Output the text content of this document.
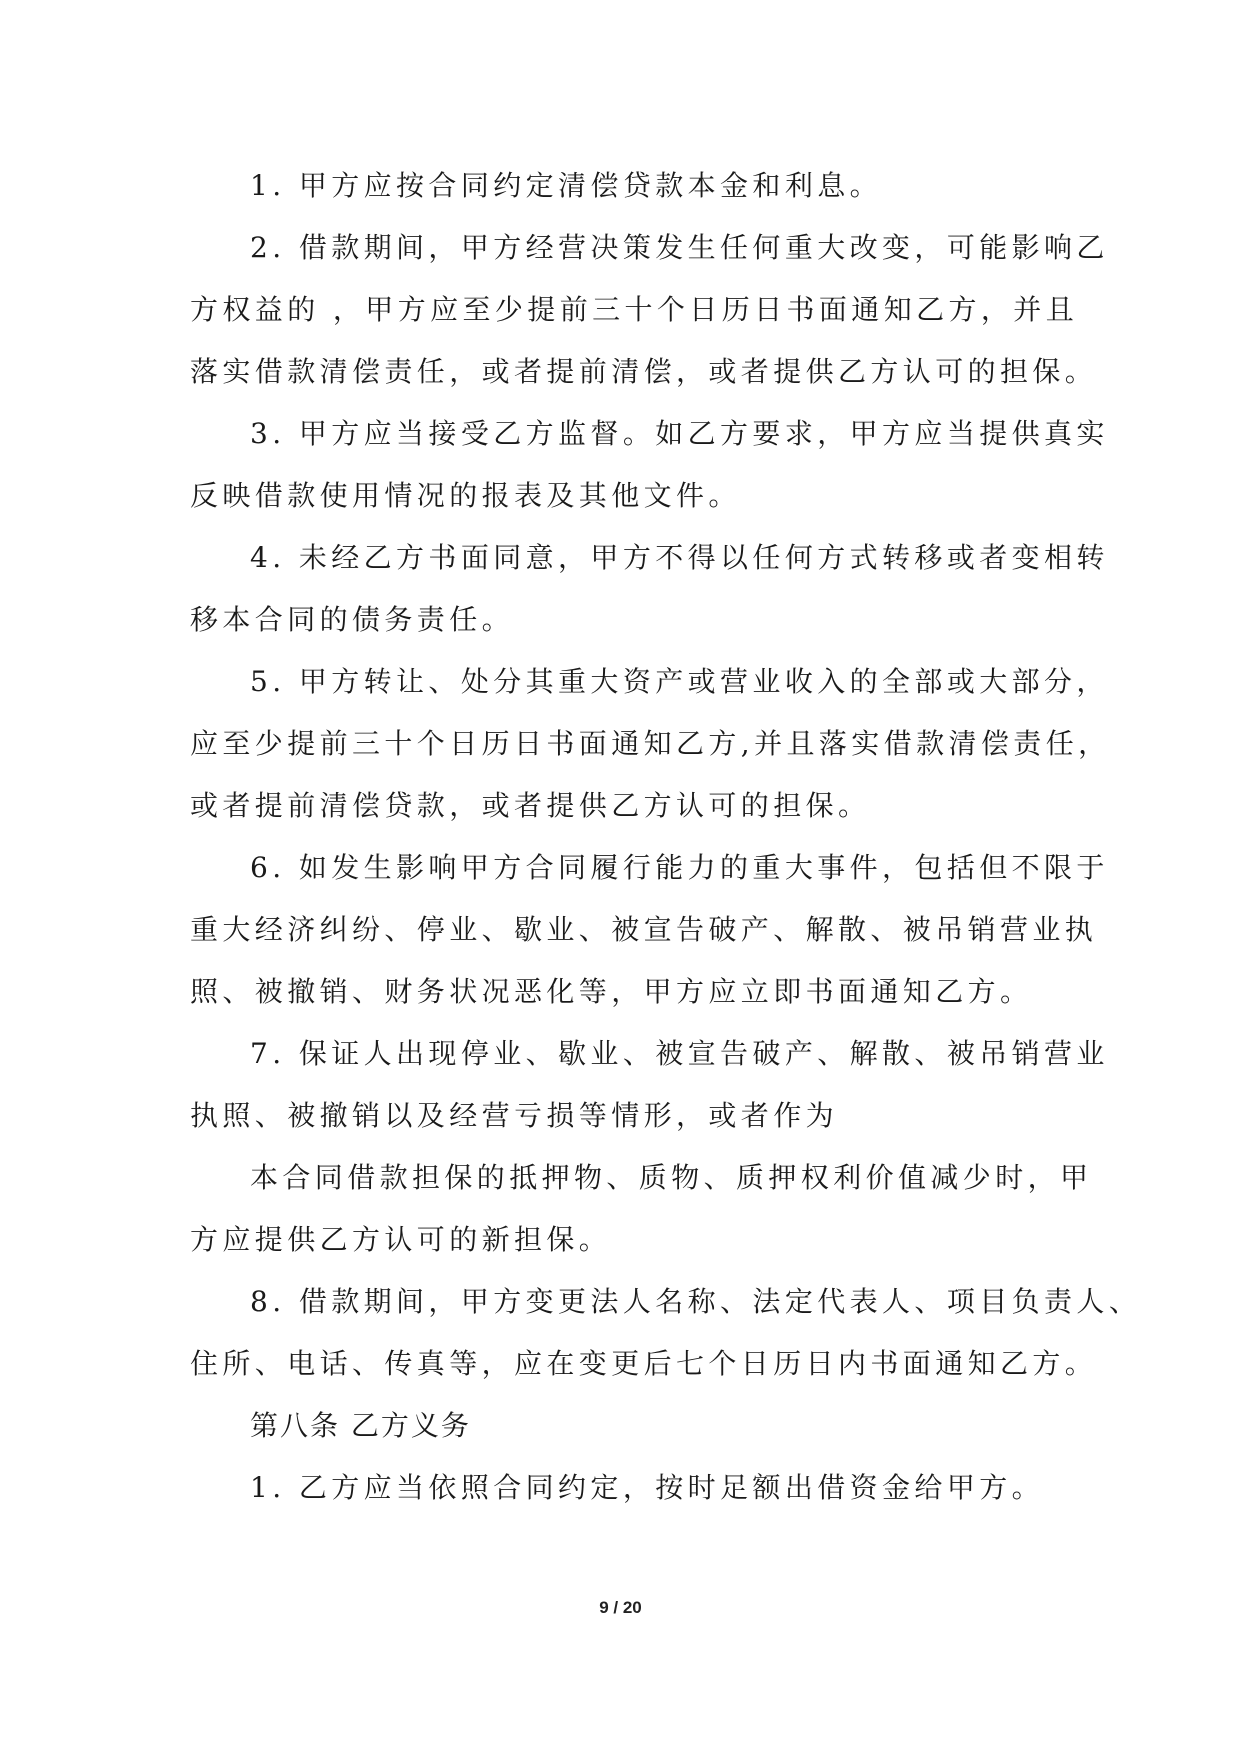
1. 甲方应按合同约定清偿贷款本金和利息。
2. 借款期间，甲方经营决策发生任何重大改变，可能影响乙
方权益的 ，甲方应至少提前三十个日历日书面通知乙方，并且
落实借款清偿责任，或者提前清偿，或者提供乙方认可的担保。
3. 甲方应当接受乙方监督。如乙方要求，甲方应当提供真实
反映借款使用情况的报表及其他文件。
4. 未经乙方书面同意，甲方不得以任何方式转移或者变相转
移本合同的债务责任。
5. 甲方转让、处分其重大资产或营业收入的全部或大部分，
应至少提前三十个日历日书面通知乙方,并且落实借款清偿责任，
或者提前清偿贷款，或者提供乙方认可的担保。
6. 如发生影响甲方合同履行能力的重大事件，包括但不限于
重大经济纠纷、停业、歇业、被宣告破产、解散、被吊销营业执
照、被撤销、财务状况恶化等，甲方应立即书面通知乙方。
7. 保证人出现停业、歇业、被宣告破产、解散、被吊销营业
执照、被撤销以及经营亏损等情形，或者作为
本合同借款担保的抵押物、质物、质押权利价值减少时，甲
方应提供乙方认可的新担保。
8. 借款期间，甲方变更法人名称、法定代表人、项目负责人、
住所、电话、传真等，应在变更后七个日历日内书面通知乙方。
第八条 乙方义务
1. 乙方应当依照合同约定，按时足额出借资金给甲方。
9 / 20
